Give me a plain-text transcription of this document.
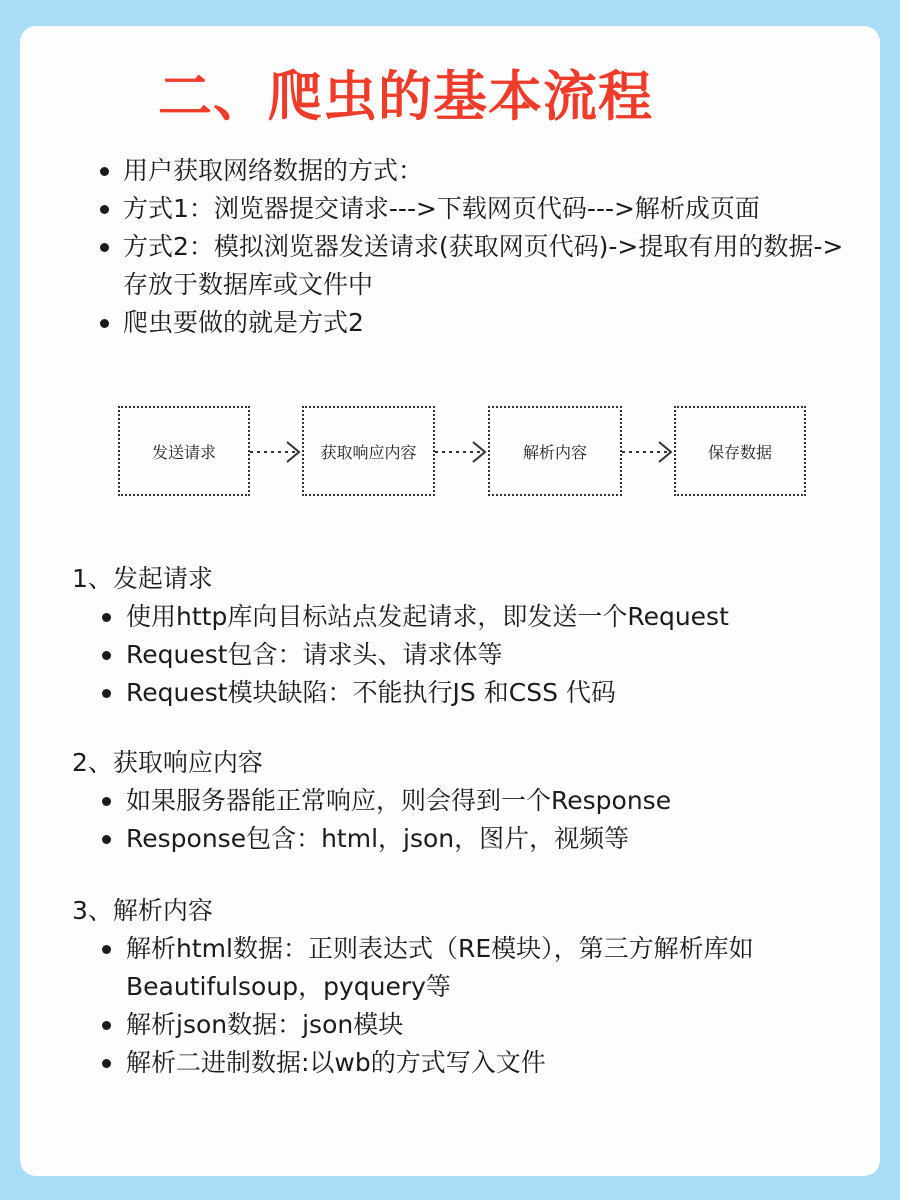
二、爬虫的基本流程
用户获取网络数据的方式：
方式1：浏览器提交请求--->下载网页代码--->解析成页面
方式2：模拟浏览器发送请求(获取网页代码)->提取有用的数据->存放于数据库或文件中
爬虫要做的就是方式2
发送请求	获取响应内容	解析内容	保存数据
1、发起请求
使用http库向目标站点发起请求，即发送一个Request
Request包含：请求头、请求体等
Request模块缺陷：不能执行JS 和CSS 代码
2、获取响应内容
如果服务器能正常响应，则会得到一个Response
Response包含：html，json，图片，视频等
3、解析内容
解析html数据：正则表达式（RE模块），第三方解析库如Beautifulsoup，pyquery等
解析json数据：json模块
解析二进制数据:以wb的方式写入文件
